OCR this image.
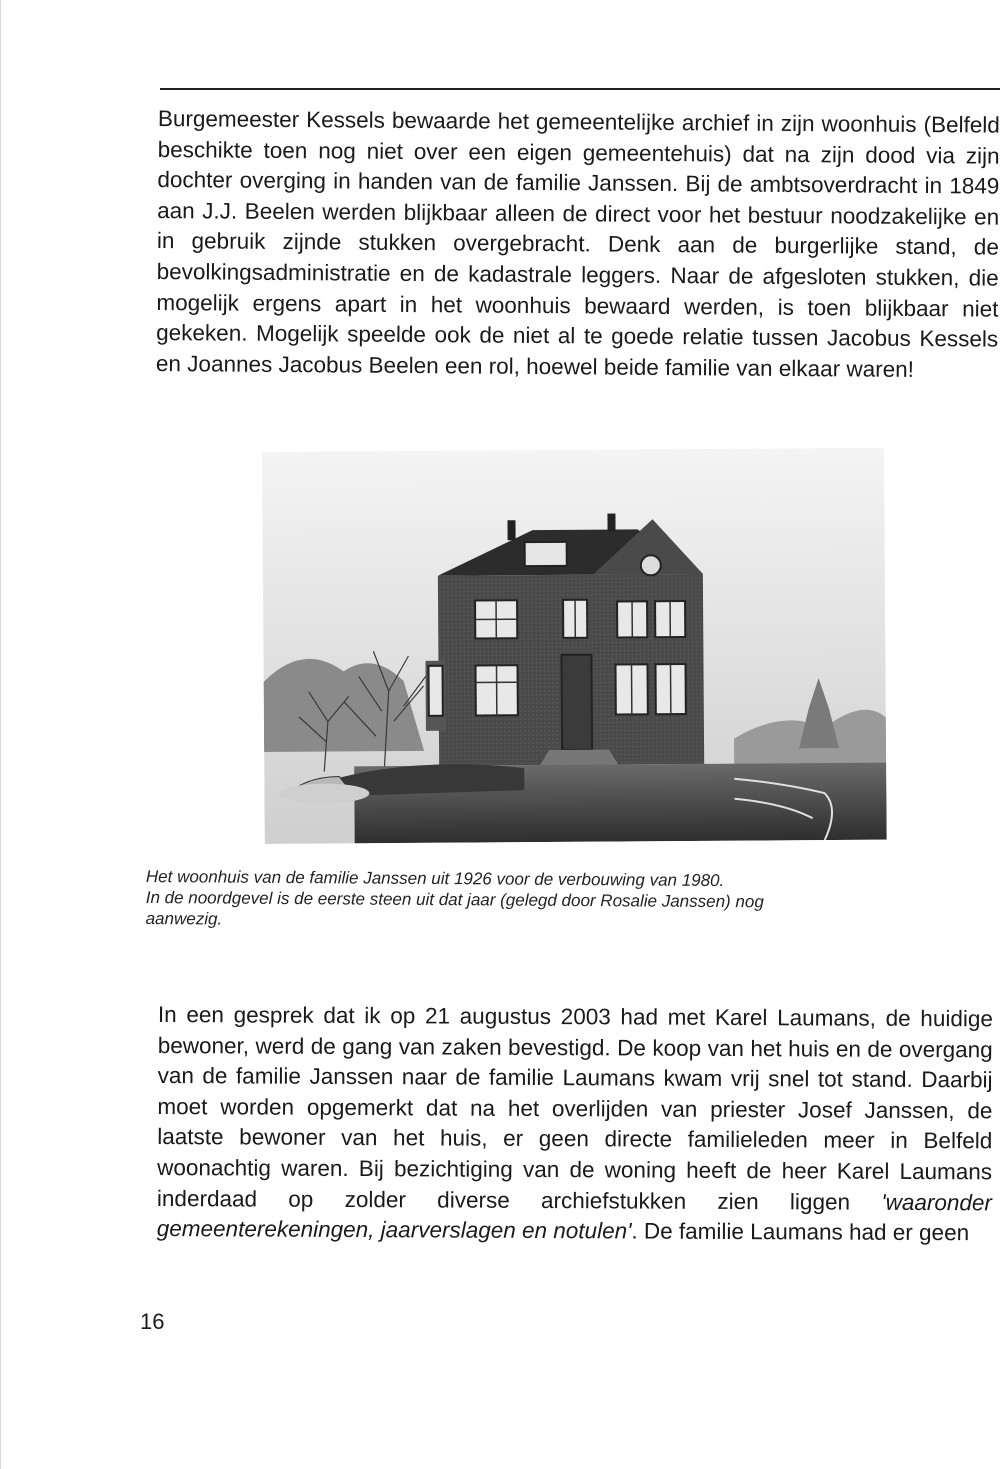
Burgemeester Kessels bewaarde het gemeentelijke archief in zijn woonhuis (Belfeld beschikte toen nog niet over een eigen gemeentehuis) dat na zijn dood via zijn dochter overging in handen van de familie Janssen. Bij de ambtsoverdracht in 1849 aan J.J. Beelen werden blijkbaar alleen de direct voor het bestuur noodzakelijke en in gebruik zijnde stukken overgebracht. Denk aan de burgerlijke stand, de bevolkingsadministratie en de kadastrale leggers. Naar de afgesloten stukken, die mogelijk ergens apart in het woonhuis bewaard werden, is toen blijkbaar niet gekeken. Mogelijk speelde ook de niet al te goede relatie tussen Jacobus Kessels en Joannes Jacobus Beelen een rol, hoewel beide familie van elkaar waren!

Het woonhuis van de familie Janssen uit 1926 voor de verbouwing van 1980.
In de noordgevel is de eerste steen uit dat jaar (gelegd door Rosalie Janssen) nog
aanwezig.

In een gesprek dat ik op 21 augustus 2003 had met Karel Laumans, de huidige bewoner, werd de gang van zaken bevestigd. De koop van het huis en de overgang van de familie Janssen naar de familie Laumans kwam vrij snel tot stand. Daarbij moet worden opgemerkt dat na het overlijden van priester Josef Janssen, de laatste bewoner van het huis, er geen directe familieleden meer in Belfeld woonachtig waren. Bij bezichtiging van de woning heeft de heer Karel Laumans inderdaad op zolder diverse archiefstukken zien liggen 'waaronder gemeenterekeningen, jaarverslagen en notulen'. De familie Laumans had er geen

16
